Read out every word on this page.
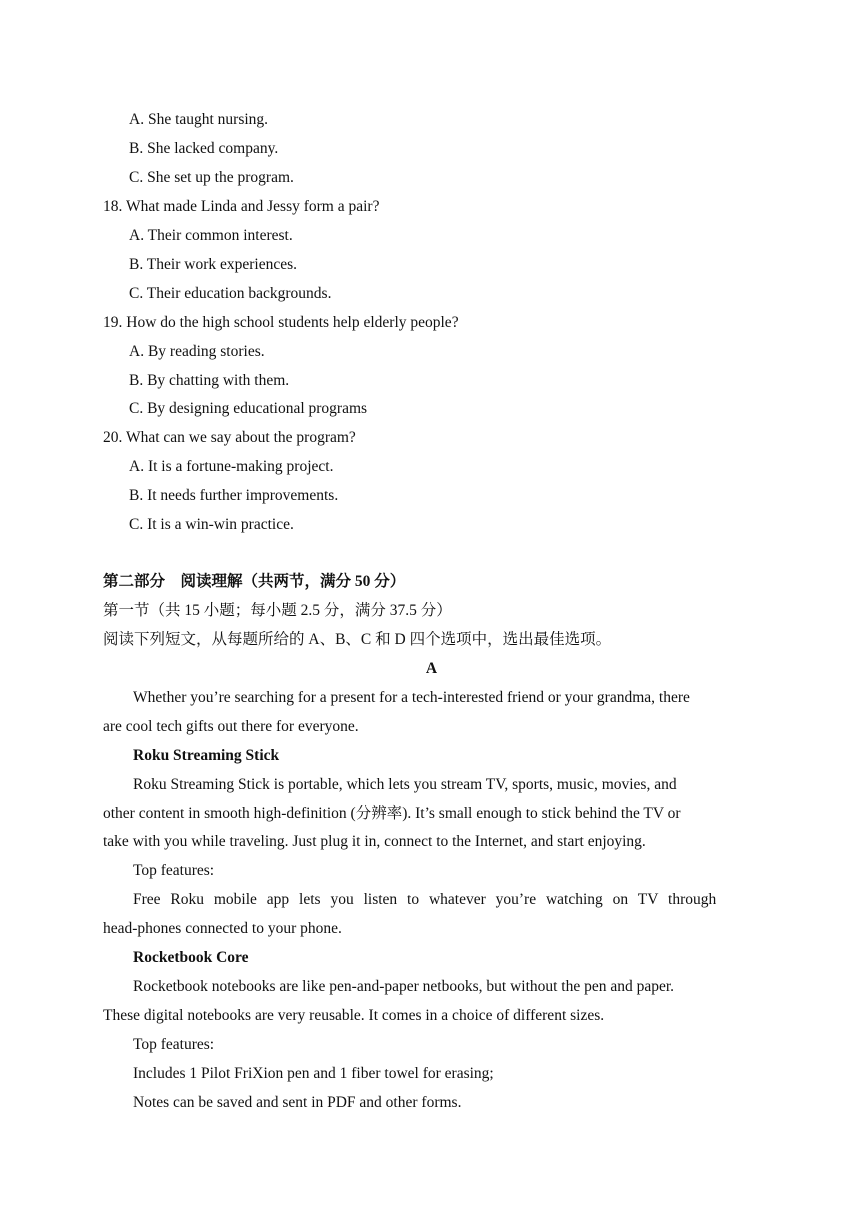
A. She taught nursing.
B. She lacked company.
C. She set up the program.
18. What made Linda and Jessy form a pair?
A. Their common interest.
B. Their work experiences.
C. Their education backgrounds.
19. How do the high school students help elderly people?
A. By reading stories.
B. By chatting with them.
C. By designing educational programs
20. What can we say about the program?
A. It is a fortune-making project.
B. It needs further improvements.
C. It is a win-win practice.
第二部分　阅读理解（共两节，满分 50 分）
第一节（共 15 小题；每小题 2.5 分，满分 37.5 分）
阅读下列短文，从每题所给的 A、B、C 和 D 四个选项中，选出最佳选项。
A
Whether you’re searching for a present for a tech-interested friend or your grandma, there
are cool tech gifts out there for everyone.
Roku Streaming Stick
Roku Streaming Stick is portable, which lets you stream TV, sports, music, movies, and
other content in smooth high-definition (分辨率). It’s small enough to stick behind the TV or
take with you while traveling. Just plug it in, connect to the Internet, and start enjoying.
Top features:
Free Roku mobile app lets you listen to whatever you’re watching on TV through
head-phones connected to your phone.
Rocketbook Core
Rocketbook notebooks are like pen-and-paper netbooks, but without the pen and paper.
These digital notebooks are very reusable. It comes in a choice of different sizes.
Top features:
Includes 1 Pilot FriXion pen and 1 fiber towel for erasing;
Notes can be saved and sent in PDF and other forms.
